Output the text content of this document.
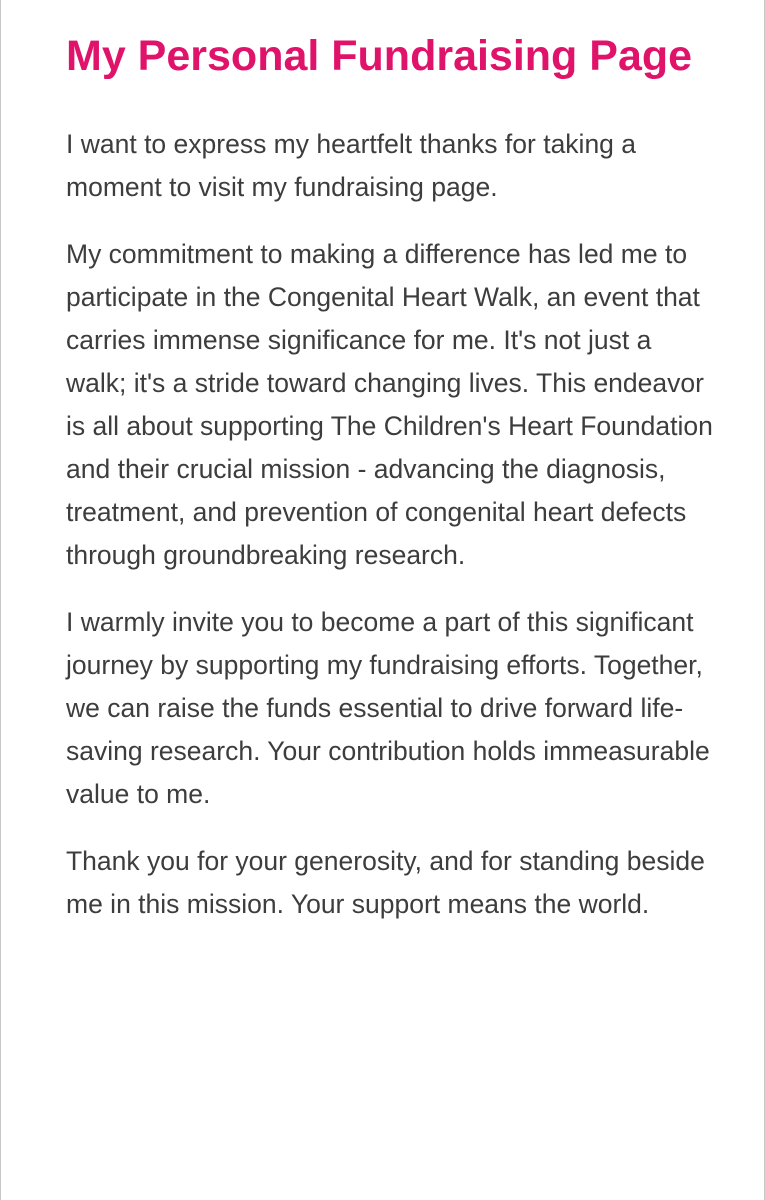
My Personal Fundraising Page

I want to express my heartfelt thanks for taking a moment to visit my fundraising page.

My commitment to making a difference has led me to participate in the Congenital Heart Walk, an event that carries immense significance for me. It's not just a walk; it's a stride toward changing lives. This endeavor is all about supporting The Children's Heart Foundation and their crucial mission - advancing the diagnosis, treatment, and prevention of congenital heart defects through groundbreaking research.

I warmly invite you to become a part of this significant journey by supporting my fundraising efforts. Together, we can raise the funds essential to drive forward life-saving research. Your contribution holds immeasurable value to me.

Thank you for your generosity, and for standing beside me in this mission. Your support means the world.
